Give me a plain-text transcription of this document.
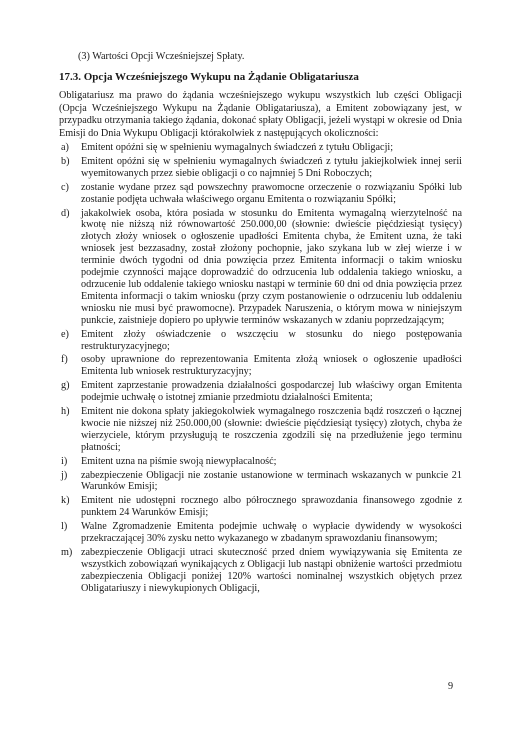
(3) Wartości Opcji Wcześniejszej Spłaty.
17.3. Opcja Wcześniejszego Wykupu na Żądanie Obligatariusza
Obligatariusz ma prawo do żądania wcześniejszego wykupu wszystkich lub części Obligacji (Opcja Wcześniejszego Wykupu na Żądanie Obligatariusza), a Emitent zobowiązany jest, w przypadku otrzymania takiego żądania, dokonać spłaty Obligacji, jeżeli wystąpi w okresie od Dnia Emisji do Dnia Wykupu Obligacji którakolwiek z następujących okoliczności:
a)	Emitent opóźni się w spełnieniu wymagalnych świadczeń z tytułu Obligacji;
b)	Emitent opóźni się w spełnieniu wymagalnych świadczeń z tytułu jakiejkolwiek innej serii wyemitowanych przez siebie obligacji o co najmniej 5 Dni Roboczych;
c)	zostanie wydane przez sąd powszechny prawomocne orzeczenie o rozwiązaniu Spółki lub zostanie podjęta uchwała właściwego organu Emitenta o rozwiązaniu Spółki;
d)	jakakolwiek osoba, która posiada w stosunku do Emitenta wymagalną wierzytelność na kwotę nie niższą niż równowartość 250.000,00 (słownie: dwieście pięćdziesiąt tysięcy) złotych złoży wniosek o ogłoszenie upadłości Emitenta chyba, że Emitent uzna, że taki wniosek jest bezzasadny, został złożony pochopnie, jako szykana lub w złej wierze i w terminie dwóch tygodni od dnia powzięcia przez Emitenta informacji o takim wniosku podejmie czynności mające doprowadzić do odrzucenia lub oddalenia takiego wniosku, a odrzucenie lub oddalenie takiego wniosku nastąpi w terminie 60 dni od dnia powzięcia przez Emitenta informacji o takim wniosku (przy czym postanowienie o odrzuceniu lub oddaleniu wniosku nie musi być prawomocne). Przypadek Naruszenia, o którym mowa w niniejszym punkcie, zaistnieje dopiero po upływie terminów wskazanych w zdaniu poprzedzającym;
e)	Emitent złoży oświadczenie o wszczęciu w stosunku do niego postępowania restrukturyzacyjnego;
f)	osoby uprawnione do reprezentowania Emitenta złożą wniosek o ogłoszenie upadłości Emitenta lub wniosek restrukturyzacyjny;
g)	Emitent zaprzestanie prowadzenia działalności gospodarczej lub właściwy organ Emitenta podejmie uchwałę o istotnej zmianie przedmiotu działalności Emitenta;
h)	Emitent nie dokona spłaty jakiegokolwiek wymagalnego roszczenia bądź roszczeń o łącznej kwocie nie niższej niż 250.000,00 (słownie: dwieście pięćdziesiąt tysięcy) złotych, chyba że wierzyciele, którym przysługują te roszczenia zgodzili się na przedłużenie jego terminu płatności;
i)	Emitent uzna na piśmie swoją niewypłacalność;
j)	zabezpieczenie Obligacji nie zostanie ustanowione w terminach wskazanych w punkcie 21 Warunków Emisji;
k)	Emitent nie udostępni rocznego albo półrocznego sprawozdania finansowego zgodnie z punktem 24 Warunków Emisji;
l)	Walne Zgromadzenie Emitenta podejmie uchwałę o wypłacie dywidendy w wysokości przekraczającej 30% zysku netto wykazanego w zbadanym sprawozdaniu finansowym;
m) zabezpieczenie Obligacji utraci skuteczność przed dniem wywiązywania się Emitenta ze wszystkich zobowiązań wynikających z Obligacji lub nastąpi obniżenie wartości przedmiotu zabezpieczenia Obligacji poniżej 120% wartości nominalnej wszystkich objętych przez Obligatariuszy i niewykupionych Obligacji,
9
